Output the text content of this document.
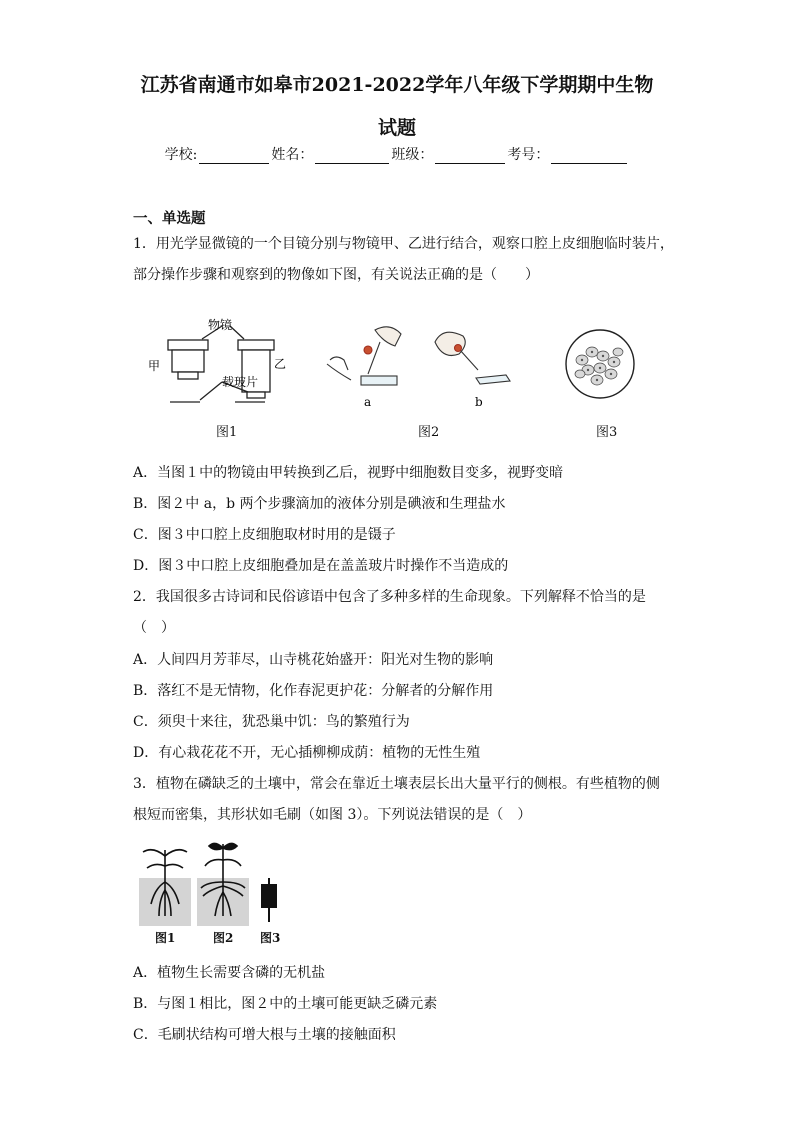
江苏省南通市如皋市2021-2022学年八年级下学期期中生物
试题
学校:	姓名：	班级：	考号：
一、单选题
1．用光学显微镜的一个目镜分别与物镜甲、乙进行结合，观察口腔上皮细胞临时装片，
部分操作步骤和观察到的物像如下图，有关说法正确的是（　　）
物镜
甲	乙
载玻片
a	b
图1	图2	图3
A．当图１中的物镜由甲转换到乙后，视野中细胞数目变多，视野变暗
B．图２中 a，b 两个步骤滴加的液体分别是碘液和生理盐水
C．图３中口腔上皮细胞取材时用的是镊子
D．图３中口腔上皮细胞叠加是在盖盖玻片时操作不当造成的
2．我国很多古诗词和民俗谚语中包含了多种多样的生命现象。下列解释不恰当的是
（　）
A．人间四月芳菲尽，山寺桃花始盛开：阳光对生物的影响
B．落红不是无情物，化作春泥更护花：分解者的分解作用
C．须臾十来往，犹恐巢中饥：鸟的繁殖行为
D．有心栽花花不开，无心插柳柳成荫：植物的无性生殖
3．植物在磷缺乏的土壤中，常会在靠近土壤表层长出大量平行的侧根。有些植物的侧
根短而密集，其形状如毛刷（如图 3）。下列说法错误的是（　）
图1	图2 图3
A．植物生长需要含磷的无机盐
B．与图１相比，图２中的土壤可能更缺乏磷元素
C．毛刷状结构可增大根与土壤的接触面积
